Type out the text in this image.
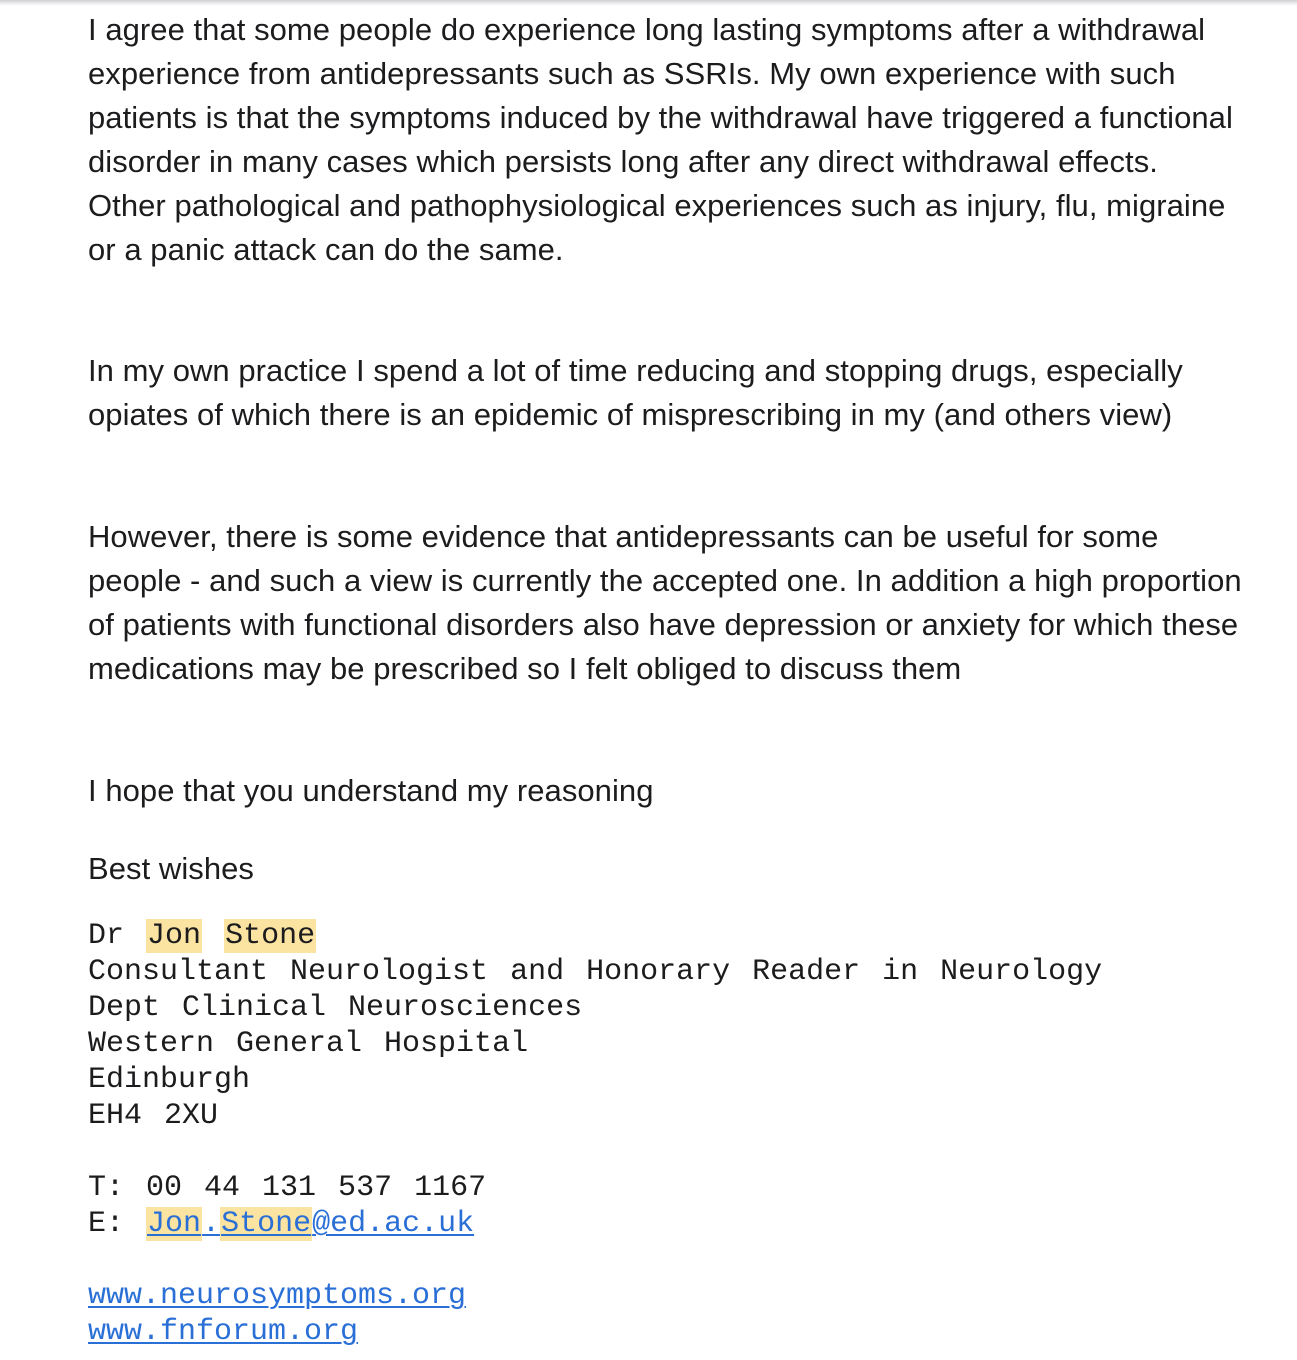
I agree that some people do experience long lasting symptoms after a withdrawal experience from antidepressants such as SSRIs. My own experience with such patients is that the symptoms induced by the withdrawal have triggered a functional disorder in many cases which persists long after any direct withdrawal effects. Other pathological and pathophysiological experiences such as injury, flu, migraine or a panic attack can do the same.

In my own practice I spend a lot of time reducing and stopping drugs, especially opiates of which there is an epidemic of misprescribing in my (and others view)

However, there is some evidence that antidepressants can be useful for some people - and such a view is currently the accepted one. In addition a high proportion of patients with functional disorders also have depression or anxiety for which these medications may be prescribed so I felt obliged to discuss them

I hope that you understand my reasoning

Best wishes

Dr Jon Stone
Consultant Neurologist and Honorary Reader in Neurology
Dept Clinical Neurosciences
Western General Hospital
Edinburgh
EH4 2XU
T: 00 44 131 537 1167
E: Jon.Stone@ed.ac.uk
www.neurosymptoms.org
www.fnforum.org
